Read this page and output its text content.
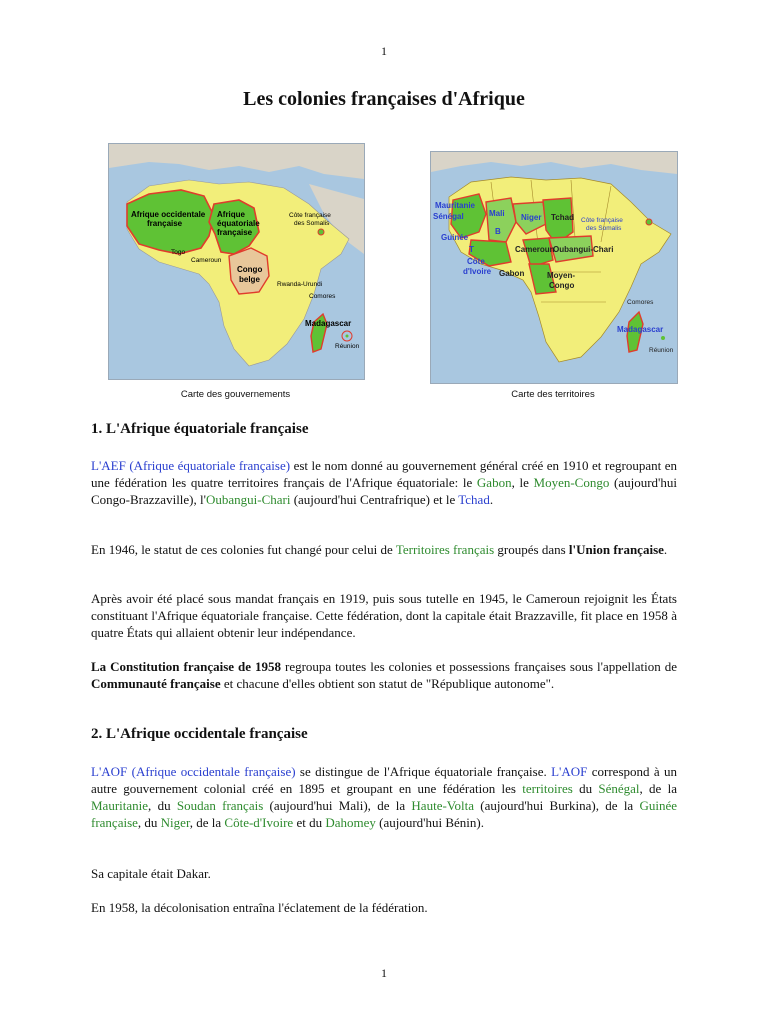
1
Les colonies françaises d'Afrique
Afrique occidentale
française
Afrique
équatoriale
française
Côte française
des Somalis
Togo
Cameroun
Congo
belge
Rwanda-Urundi
Comores
Madagascar
Réunion
Carte des gouvernements
Mauritanie
Sénégal
Guinée
Mali Niger Tchad Côte française
des Somalis
B
T
Côte
d'Ivoire
Cameroun
Oubangui-Chari
Gabon	Moyen-
Congo
Comores
Madagascar
Réunion
Carte des territoires
1. L'Afrique équatoriale française
L'AEF (Afrique équatoriale française) est le nom donné au gouvernement général créé en 1910 et regroupant en une fédération les quatre territoires français de l'Afrique équatoriale: le Gabon, le Moyen-Congo (aujourd'hui Congo-Brazzaville), l'Oubangui-Chari (aujourd'hui Centrafrique) et le Tchad.
En 1946, le statut de ces colonies fut changé pour celui de Territoires français groupés dans l'Union française.
Après avoir été placé sous mandat français en 1919, puis sous tutelle en 1945, le Cameroun rejoignit les États constituant l'Afrique équatoriale française. Cette fédération, dont la capitale était Brazzaville, fit place en 1958 à quatre États qui allaient obtenir leur indépendance.
La Constitution française de 1958 regroupa toutes les colonies et possessions françaises sous l'appellation de Communauté française et chacune d'elles obtient son statut de "République autonome".
2. L'Afrique occidentale française
L'AOF (Afrique occidentale française) se distingue de l'Afrique équatoriale française. L'AOF correspond à un autre gouvernement colonial créé en 1895 et groupant en une fédération les territoires du Sénégal, de la Mauritanie, du Soudan français (aujourd'hui Mali), de la Haute-Volta (aujourd'hui Burkina), de la Guinée française, du Niger, de la Côte-d'Ivoire et du Dahomey (aujourd'hui Bénin).
Sa capitale était Dakar.
En 1958, la décolonisation entraîna l'éclatement de la fédération.
1
